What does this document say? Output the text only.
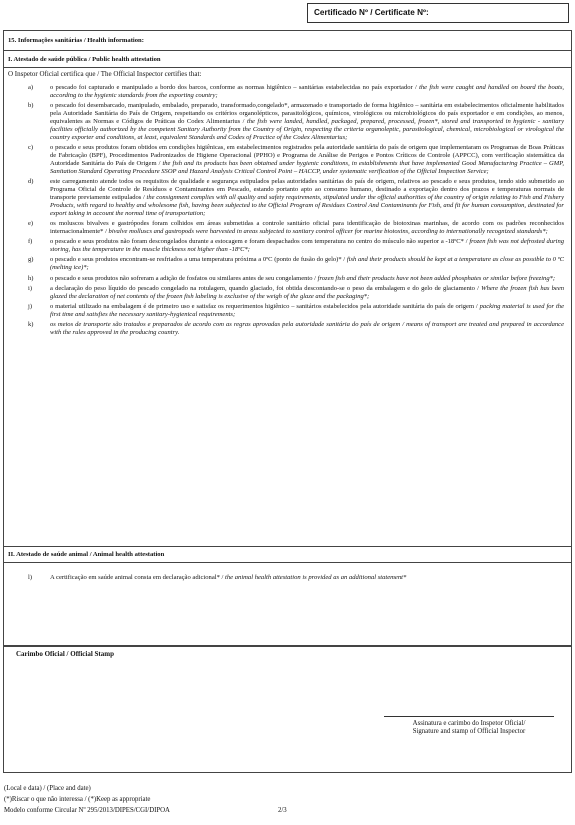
Certificado Nº / Certificate Nº:
15. Informações sanitárias / Health information:
I. Atestado de saúde pública / Public health attestation
O Inspetor Oficial certifica que / The Official Inspector certifies that:
a)	o pescado foi capturado e manipulado a bordo dos barcos, conforme as normas higiênico – sanitárias estabelecidas no país exportador / the fish were caught and handled on board the boats, according to the hygienic standards from the exporting country;
b)	o pescado foi desembarcado, manipulado, embalado, preparado, transformado,congelado*, armazenado e transportado de forma higiênico – sanitária em estabelecimentos oficialmente habilitados pela Autoridade Sanitária do País de Origem, respeitando os critérios organolépticos, parasitológicos, químicos, virológicos ou microbiológicos do país exportador e em condições, ao menos, equivalentes as Normas e Códigos de Práticas do Codex Alimentarius / the fish were landed, handled, packaged, prepared, processed, frozen*, stored and transported in hygienic - sanitary facilities officially authorized by the competent Sanitary Authority from the Country of Origin, respecting the criteria organoleptic, parasitological, chemical, microbiological or virological the country exporter and conditions, at least, equivalent Standards and Codes of Practice of the Codex Alimentarius;
c)	o pescado e seus produtos foram obtidos em condições higiênicas, em estabelecimentos registrados pela autoridade sanitária do país de origem que implementaram os Programas de Boas Práticas de Fabricação (BPF), Procedimentos Padronizados de Higiene Operacional (PPHO) e Programa de Análise de Perigos e Pontos Críticos de Controle (APPCC), com verificação sistemática da Autoridade Sanitária do País de Origem / the fish and its products has been obtained under hygienic conditions, in establishments that have implemented Good Manufacturing Practice – GMP, Sanitation Standard Operating Procedure SSOP and Hazard Analysis Critical Control Point – HACCP, under systematic verification of the Official Inspection Service;
d)	este carregamento atende todos os requisitos de qualidade e segurança estipulados pelas autoridades sanitárias do país de origem, relativos ao pescado e seus produtos, tendo sido submetido ao Programa Oficial de Controle de Resíduos e Contaminantes em Pescado, estando portanto apto ao consumo humano, destinado a exportação dentro dos prazos e temperaturas normais de transporte previamente estipulados / the consignment complies with all quality and safety requirements, stipulated under the official authorities of the country of origin relating to Fish and Fishery Products, with regard to healthy and wholesome fish, having been subjected to the Official Program of Residues Control And Contaminants for Fish, and fit for human consumption, destinated for export taking in account the normal time of transportation;
e)	os moluscos bivalves e gastrópodes foram colhidos em áreas submetidas a controle sanitário oficial para identificação de biotoxinas marinhas, de acordo com os padrões reconhecidos internacionalmente* / bivalve molluscs and gastropods were harvested in areas subjected to sanitary control officer for marine biotoxins, according to internationally recognized standards*;
f)	o pescado e seus produtos não foram descongelados durante a estocagem e foram despachados com temperatura no centro do músculo não superior a -18ºC* / frozen fish was not defrosted during storing, has the temperature in the muscle thickness not higher than -18ºC*;
g)	o pescado e seus produtos encontram-se resfriados a uma temperatura próxima a 0ºC (ponto de fusão do gelo)* / fish and their products should be kept at a temperature as close as possible to 0 ºC (melting ice)*;
h)	o pescado e seus produtos não sofreram a adição de fosfatos ou similares antes de seu congelamento / frozen fish and their products have not been added phosphates or similar before freezing*;
i)	a declaração do peso líquido do pescado congelado na rotulagem, quando glaciado, foi obtida descontando-se o peso da embalagem e do gelo de glaciamento / Where the frozen fish has been glazed the declaration of net contents of the frozen fish labeling is exclusive of the weigh of the glaze and the packaging*;
j)	o material utilizado na embalagem é de primeiro uso e satisfaz os requerimentos higiênico – sanitários estabelecidos pela autoridade sanitária do país de origem / packing material is used for the first time and satisfies the necessary sanitary-hygienical requirements;
k)	os meios de transporte são tratados e preparados de acordo com as regras aprovadas pela autoridade sanitária do país de origem / means of transport are treated and prepared in accordance with the rules approved in the producing country.
II. Atestado de saúde animal / Animal health attestation
l)	A certificação em saúde animal consta em declaração adicional* / the animal health attestation is provided as an additional statement*
Carimbo Oficial / Official Stamp
Assinatura e carimbo do Inspetor Oficial/
Signature and stamp of Official Inspector
(Local e data) / (Place and date)
(*)Riscar o que não interessa / (*)Keep as appropriate
Modelo conforme Circular Nº 295/2013/DIPES/CGI/DIPOA	2/3
